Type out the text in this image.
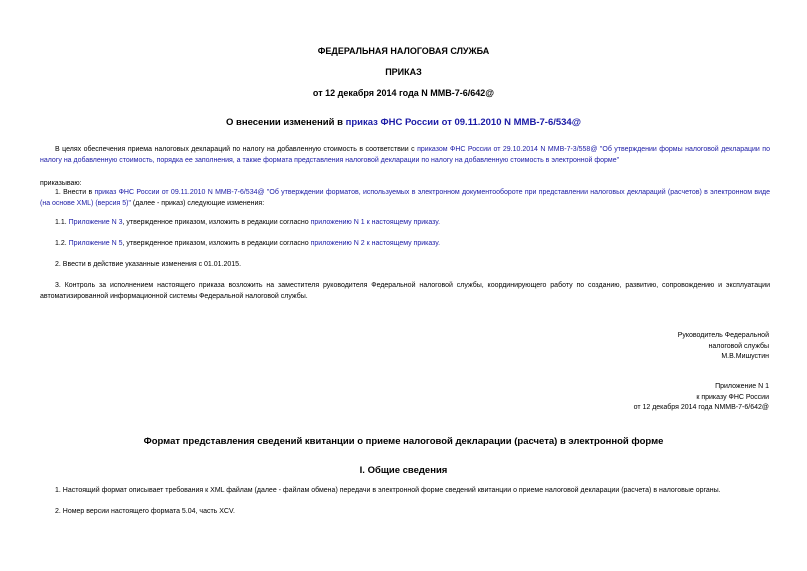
ФЕДЕРАЛЬНАЯ НАЛОГОВАЯ СЛУЖБА
ПРИКАЗ
от 12 декабря 2014 года N ММВ-7-6/642@
О внесении изменений в приказ ФНС России от 09.11.2010 N ММВ-7-6/534@
В целях обеспечения приема налоговых деклараций по налогу на добавленную стоимость в соответствии с приказом ФНС России от 29.10.2014 N ММВ-7-3/558@ "Об утверждении формы налоговой декларации по налогу на добавленную стоимость, порядка ее заполнения, а также формата представления налоговой декларации по налогу на добавленную стоимость в электронной форме"
приказываю:
1. Внести в приказ ФНС России от 09.11.2010 N ММВ-7-6/534@ "Об утверждении форматов, используемых в электронном документообороте при представлении налоговых деклараций (расчетов) в электронном виде (на основе XML) (версия 5)" (далее - приказ) следующие изменения:
1.1. Приложение N 3, утвержденное приказом, изложить в редакции согласно приложению N 1 к настоящему приказу.
1.2. Приложение N 5, утвержденное приказом, изложить в редакции согласно приложению N 2 к настоящему приказу.
2. Ввести в действие указанные изменения с 01.01.2015.
3. Контроль за исполнением настоящего приказа возложить на заместителя руководителя Федеральной налоговой службы, координирующего работу по созданию, развитию, сопровождению и эксплуатации автоматизированной информационной системы Федеральной налоговой службы.
Руководитель Федеральной
налоговой службы
М.В.Мишустин
Приложение N 1
к приказу ФНС России
от 12 декабря 2014 года NММВ-7-6/642@
Формат представления сведений квитанции о приеме налоговой декларации (расчета) в электронной форме
I. Общие сведения
1. Настоящий формат описывает требования к XML файлам (далее - файлам обмена) передачи в электронной форме сведений квитанции о приеме налоговой декларации (расчета) в налоговые органы.
2. Номер версии настоящего формата 5.04, часть XCV.
